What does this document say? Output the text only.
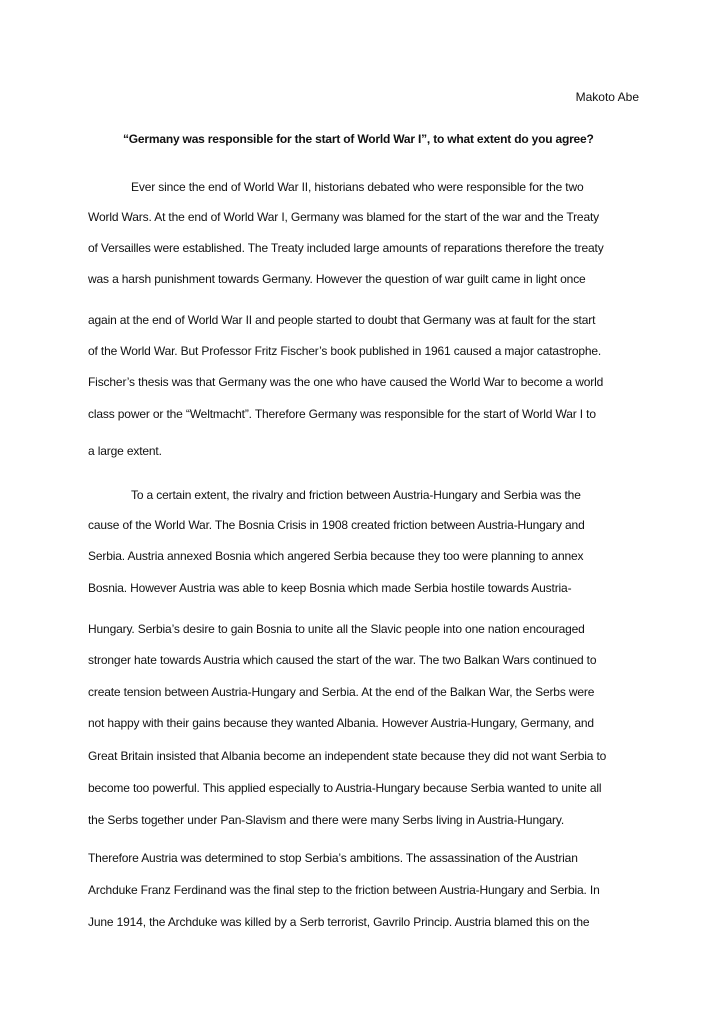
Makoto Abe
“Germany was responsible for the start of World War I”, to what extent do you agree?
Ever since the end of World War II, historians debated who were responsible for the two
World Wars. At the end of World War I, Germany was blamed for the start of the war and the Treaty
of Versailles were established. The Treaty included large amounts of reparations therefore the treaty
was a harsh punishment towards Germany. However the question of war guilt came in light once
again at the end of World War II and people started to doubt that Germany was at fault for the start
of the World War. But Professor Fritz Fischer’s book published in 1961 caused a major catastrophe.
Fischer’s thesis was that Germany was the one who have caused the World War to become a world
class power or the “Weltmacht”. Therefore Germany was responsible for the start of World War I to
a large extent.
To a certain extent, the rivalry and friction between Austria-Hungary and Serbia was the
cause of the World War. The Bosnia Crisis in 1908 created friction between Austria-Hungary and
Serbia. Austria annexed Bosnia which angered Serbia because they too were planning to annex
Bosnia. However Austria was able to keep Bosnia which made Serbia hostile towards Austria-
Hungary. Serbia’s desire to gain Bosnia to unite all the Slavic people into one nation encouraged
stronger hate towards Austria which caused the start of the war. The two Balkan Wars continued to
create tension between Austria-Hungary and Serbia. At the end of the Balkan War, the Serbs were
not happy with their gains because they wanted Albania. However Austria-Hungary, Germany, and
Great Britain insisted that Albania become an independent state because they did not want Serbia to
become too powerful. This applied especially to Austria-Hungary because Serbia wanted to unite all
the Serbs together under Pan-Slavism and there were many Serbs living in Austria-Hungary.
Therefore Austria was determined to stop Serbia’s ambitions. The assassination of the Austrian
Archduke Franz Ferdinand was the final step to the friction between Austria-Hungary and Serbia. In
June 1914, the Archduke was killed by a Serb terrorist, Gavrilo Princip. Austria blamed this on the
